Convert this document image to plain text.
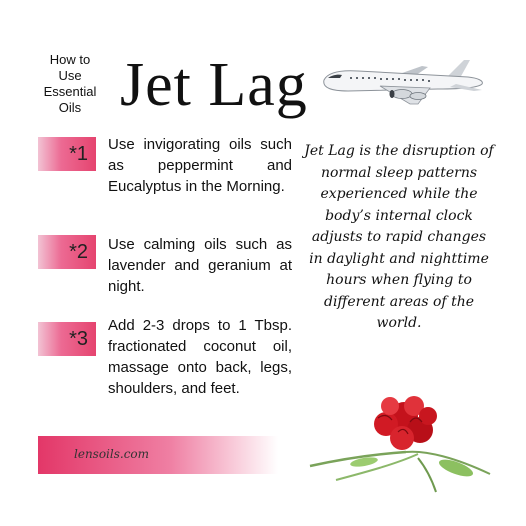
How to
Use
Essential
Oils Jet Lag
*1 Use invigorating oils such as peppermint and Eucalyptus in the Morning.
*2 Use calming oils such as lavender and geranium at night.
*3
Add 2-3 drops to 1 Tbsp. fractionated coconut oil, massage onto back, legs, shoulders, and feet.
Jet Lag is the disruption of normal sleep patterns experienced while the body’s internal clock adjusts to rapid changes in daylight and nighttime hours when flying to different areas of the world.
lensoils.com
